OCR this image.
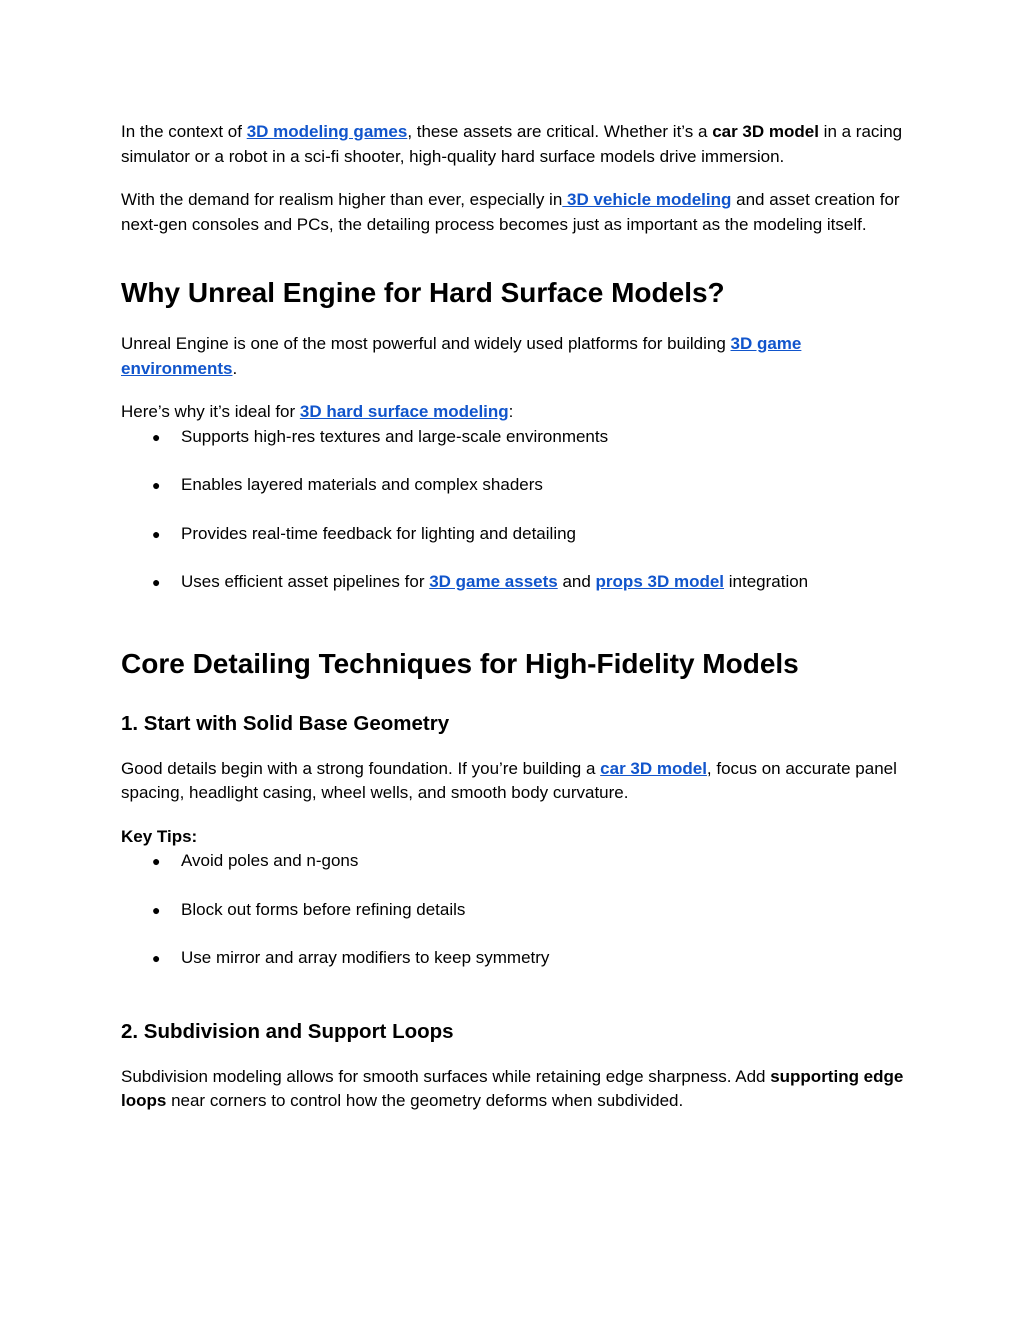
In the context of 3D modeling games, these assets are critical. Whether it’s a car 3D model in a racing simulator or a robot in a sci-fi shooter, high-quality hard surface models drive immersion.

With the demand for realism higher than ever, especially in 3D vehicle modeling and asset creation for next-gen consoles and PCs, the detailing process becomes just as important as the modeling itself.

Why Unreal Engine for Hard Surface Models?

Unreal Engine is one of the most powerful and widely used platforms for building 3D game environments.

Here’s why it’s ideal for 3D hard surface modeling:

● Supports high-res textures and large-scale environments
● Enables layered materials and complex shaders
● Provides real-time feedback for lighting and detailing
● Uses efficient asset pipelines for 3D game assets and props 3D model integration
Core Detailing Techniques for High-Fidelity Models
1. Start with Solid Base Geometry

Good details begin with a strong foundation. If you’re building a car 3D model, focus on accurate panel spacing, headlight casing, wheel wells, and smooth body curvature.

Key Tips:

● Avoid poles and n-gons
● Block out forms before refining details
● Use mirror and array modifiers to keep symmetry
2. Subdivision and Support Loops

Subdivision modeling allows for smooth surfaces while retaining edge sharpness. Add supporting edge loops near corners to control how the geometry deforms when subdivided.
